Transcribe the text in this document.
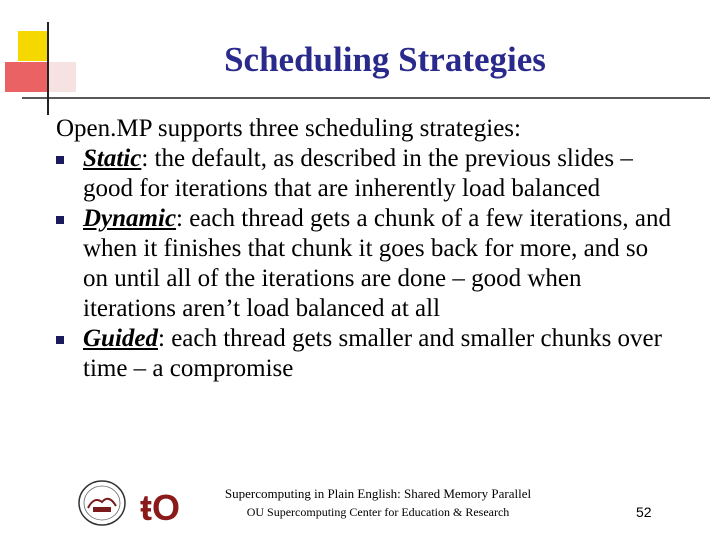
Scheduling Strategies

Open.MP supports three scheduling strategies:

Static: the default, as described in the previous slides – good for iterations that are inherently load balanced
Dynamic: each thread gets a chunk of a few iterations, and when it finishes that chunk it goes back for more, and so on until all of the iterations are done – good when iterations aren’t load balanced at all
Guided: each thread gets smaller and smaller chunks over time – a compromise
ŧO	Supercomputing in Plain English: Shared Memory Parallel
OU Supercomputing Center for Education & Research	52
